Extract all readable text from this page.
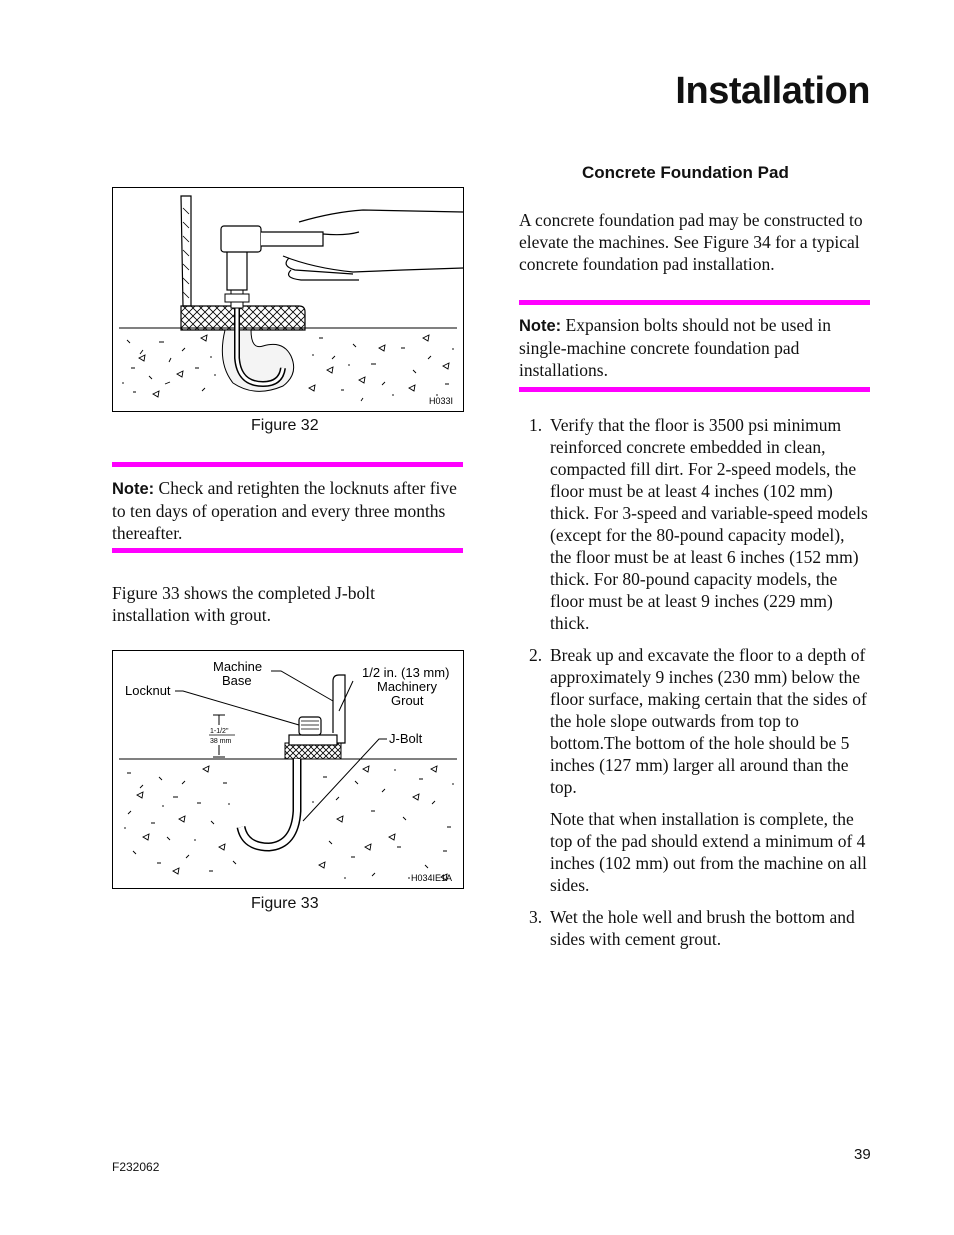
Installation
H033I
Figure 32
Note: Check and retighten the locknuts after five to ten days of operation and every three months thereafter.
Figure 33 shows the completed J-bolt installation with grout.
1-1/2"
38 mm
Machine
Base
Locknut
1/2 in. (13 mm)
Machinery
Grout
J-Bolt
H034IE1A
Figure 33
Concrete Foundation Pad
A concrete foundation pad may be constructed to elevate the machines. See Figure 34 for a typical concrete foundation pad installation.
Note: Expansion bolts should not be used in single-machine concrete foundation pad installations.
1. Verify that the floor is 3500 psi minimum reinforced concrete embedded in clean, compacted fill dirt. For 2-speed models, the floor must be at least 4 inches (102 mm) thick. For 3-speed and variable-speed models (except for the 80-pound capacity model), the floor must be at least 6 inches (152 mm) thick. For 80-pound capacity models, the floor must be at least 9 inches (229 mm) thick.

2. Break up and excavate the floor to a depth of approximately 9 inches (230 mm) below the floor surface, making certain that the sides of the hole slope outwards from top to bottom.The bottom of the hole should be 5 inches (127 mm) larger all around than the top.

Note that when installation is complete, the top of the pad should extend a minimum of 4 inches (102 mm) out from the machine on all sides.

3. Wet the hole well and brush the bottom and sides with cement grout.

39
F232062
